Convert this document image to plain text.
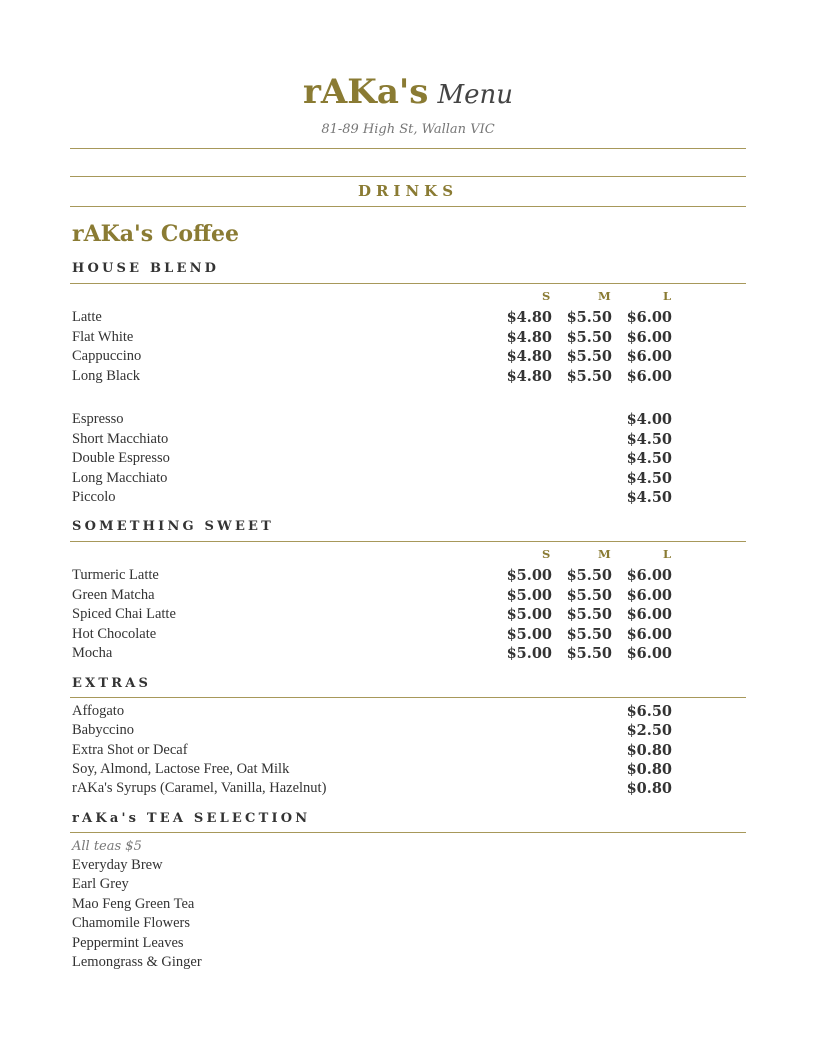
rAKa's Menu
81-89 High St, Wallan VIC
DRINKS
rAKa's Coffee
HOUSE BLEND
S	M	L
Latte	$4.80	$5.50	$6.00
Flat White	$4.80	$5.50	$6.00
Cappuccino	$4.80	$5.50	$6.00
Long Black	$4.80	$5.50	$6.00
Espresso	$4.00
Short Macchiato	$4.50
Double Espresso	$4.50
Long Macchiato	$4.50
Piccolo	$4.50
SOMETHING SWEET
S	M	L
Turmeric Latte	$5.00	$5.50	$6.00
Green Matcha	$5.00	$5.50	$6.00
Spiced Chai Latte	$5.00	$5.50	$6.00
Hot Chocolate	$5.00	$5.50	$6.00
Mocha	$5.00	$5.50	$6.00
EXTRAS
Affogato	$6.50
Babyccino	$2.50
Extra Shot or Decaf	$0.80
Soy, Almond, Lactose Free, Oat Milk	$0.80
rAKa's Syrups (Caramel, Vanilla, Hazelnut)	$0.80
rAKa's TEA SELECTION
All teas $5
Everyday Brew
Earl Grey
Mao Feng Green Tea
Chamomile Flowers
Peppermint Leaves
Lemongrass & Ginger
